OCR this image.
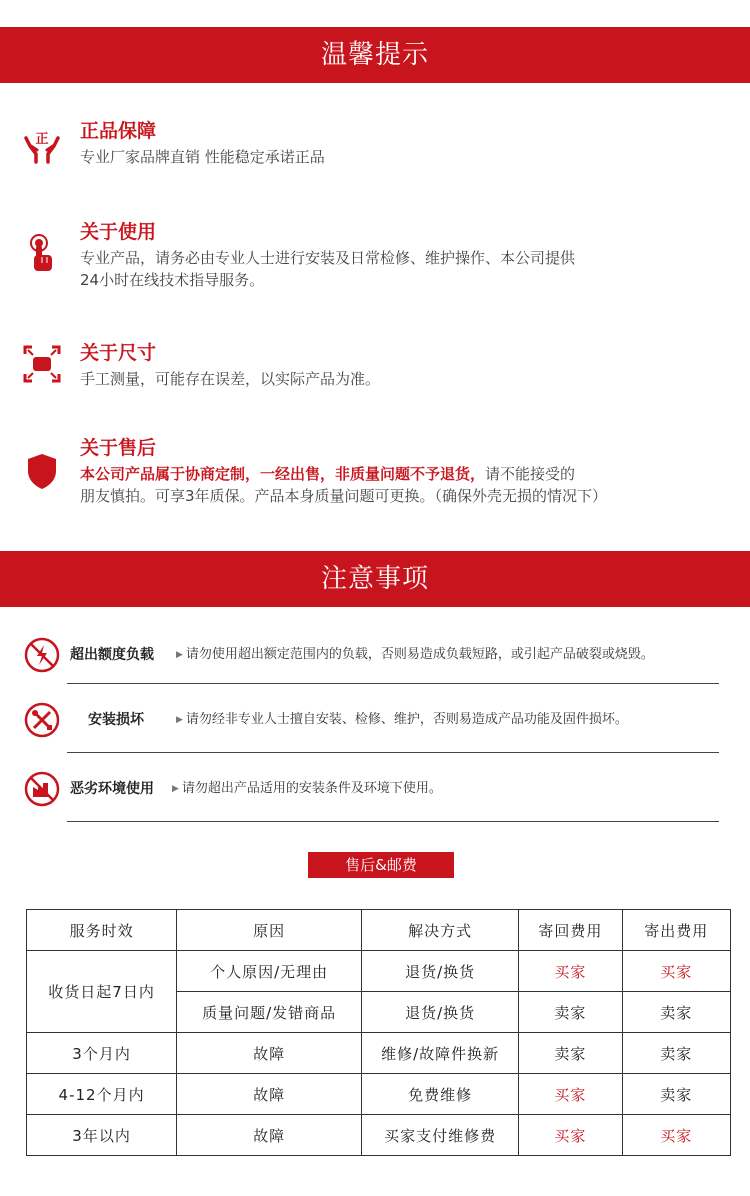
温馨提示
正 正品保障
专业厂家品牌直销 性能稳定承诺正品
关于使用
专业产品，请务必由专业人士进行安装及日常检修、维护操作、本公司提供
24小时在线技术指导服务。
关于尺寸
手工测量，可能存在误差，以实际产品为准。
关于售后
本公司产品属于协商定制，一经出售，非质量问题不予退货，请不能接受的
朋友慎拍。可享3年质保。产品本身质量问题可更换。（确保外壳无损的情况下）
注意事项
超出额度负载 ▶ 请勿使用超出额定范围内的负载，否则易造成负载短路，或引起产品破裂或烧毁。
安装损坏	▶ 请勿经非专业人士擅自安装、检修、维护，否则易造成产品功能及固件损坏。
恶劣环境使用 ▶ 请勿超出产品适用的安装条件及环境下使用。
售后&邮费
服务时效	原因	解决方式	寄回费用	寄出费用
收货日起7日内	个人原因/无理由	退货/换货	买家	买家
	质量问题/发错商品	退货/换货	卖家	卖家
3个月内	故障	维修/故障件换新	卖家	卖家
4-12个月内	故障	免费维修	买家	卖家
3年以内	故障	买家支付维修费	买家	买家
